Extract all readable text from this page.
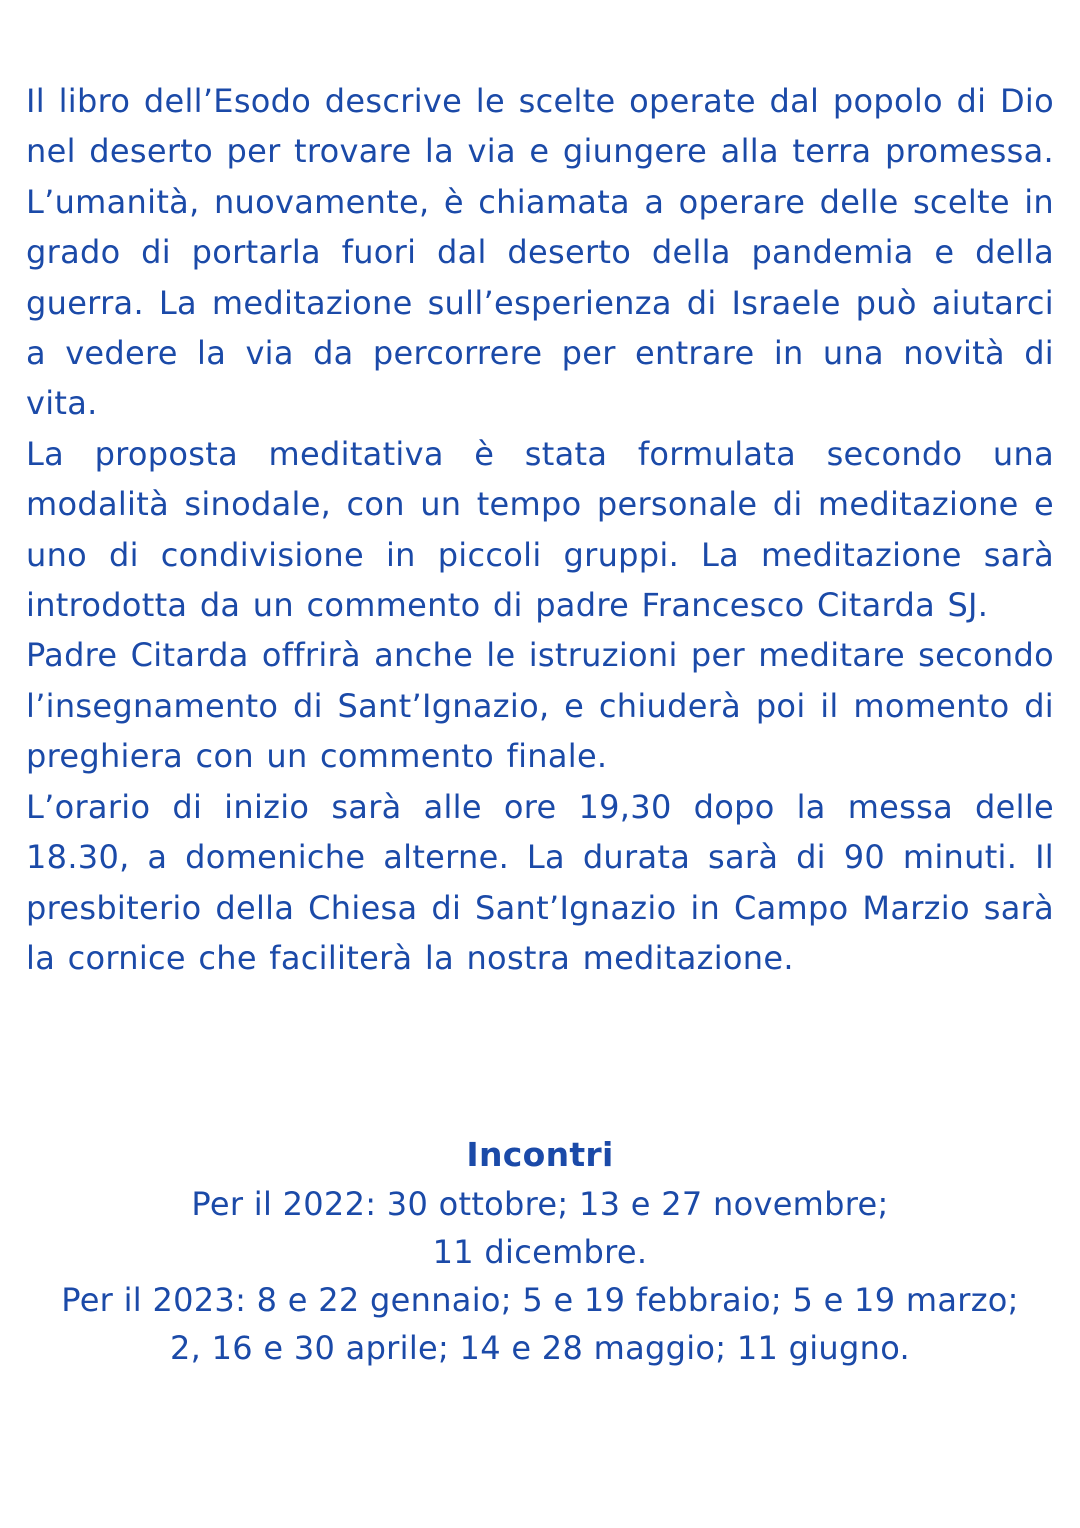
Il libro dell’Esodo descrive le scelte operate dal popolo di Dio nel deserto per trovare la via e giungere alla terra promessa. L’umanità, nuovamente, è chiamata a operare delle scelte in grado di portarla fuori dal deserto della pandemia e della guerra. La meditazione sull’esperienza di Israele può aiutarci a vedere la via da percorrere per entrare in una novità di vita.

La proposta meditativa è stata formulata secondo una modalità sinodale, con un tempo personale di meditazione e uno di condivisione in piccoli gruppi. La meditazione sarà introdotta da un commento di padre Francesco Citarda SJ.

Padre Citarda offrirà anche le istruzioni per meditare secondo l’insegnamento di Sant’Ignazio, e chiuderà poi il momento di preghiera con un commento finale.

L’orario di inizio sarà alle ore 19,30 dopo la messa delle 18.30, a domeniche alterne. La durata sarà di 90 minuti. Il presbiterio della Chiesa di Sant’Ignazio in Campo Marzio sarà la cornice che faciliterà la nostra meditazione.

Incontri

Per il 2022: 30 ottobre; 13 e 27 novembre;

11 dicembre.

Per il 2023: 8 e 22 gennaio; 5 e 19 febbraio; 5 e 19 marzo;

2, 16 e 30 aprile; 14 e 28 maggio; 11 giugno.
